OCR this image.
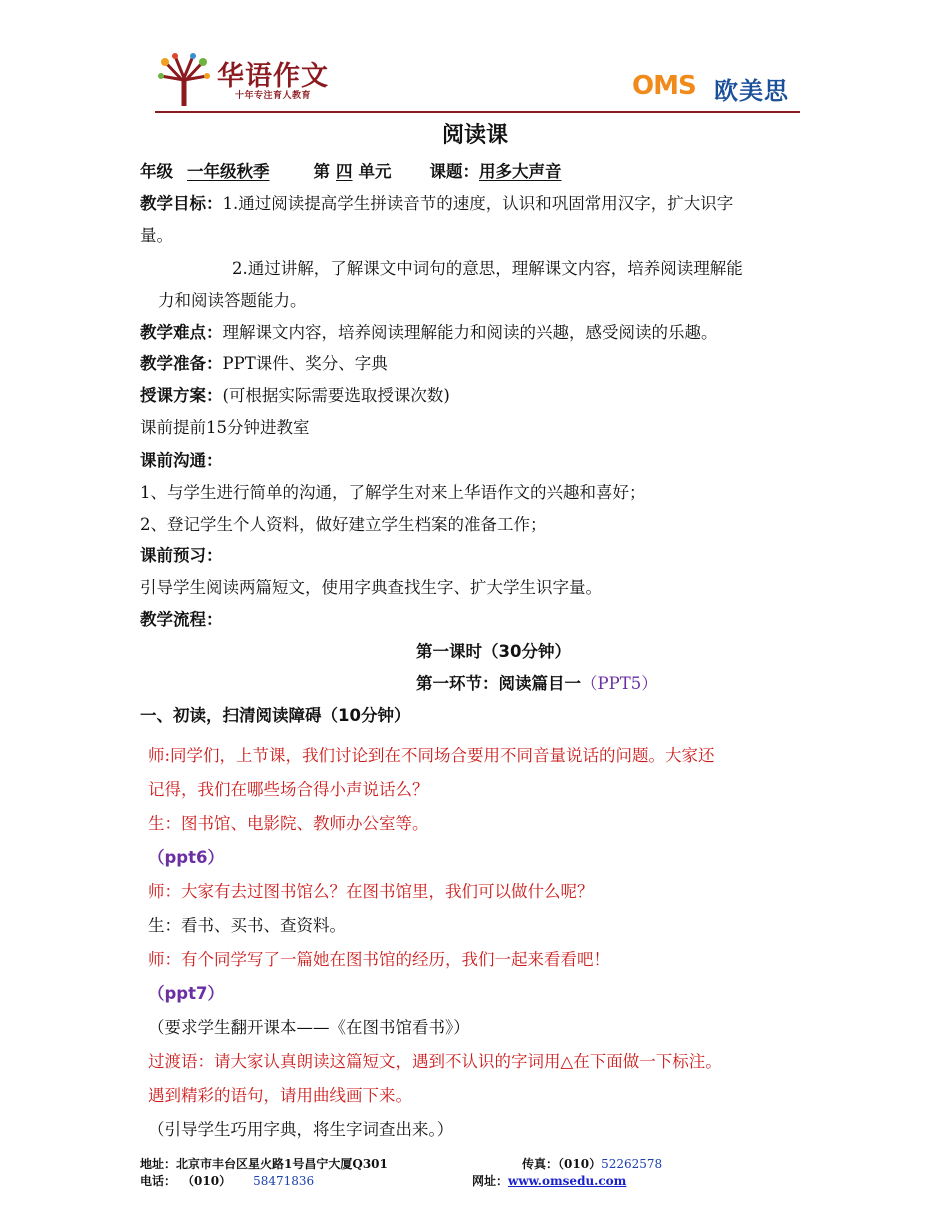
华语作文
十年专注育人教育	OMS 欧美思
阅读课
年级 一年级秋季	第 四 单元 课题：用多大声音
教学目标：1.通过阅读提高学生拼读音节的速度，认识和巩固常用汉字，扩大识字
量。
2.通过讲解，了解课文中词句的意思，理解课文内容，培养阅读理解能
力和阅读答题能力。
教学难点：理解课文内容，培养阅读理解能力和阅读的兴趣，感受阅读的乐趣。
教学准备：PPT课件、奖分、字典
授课方案：(可根据实际需要选取授课次数)
课前提前15分钟进教室
课前沟通：
1、与学生进行简单的沟通，了解学生对来上华语作文的兴趣和喜好；
2、登记学生个人资料，做好建立学生档案的准备工作；
课前预习：
引导学生阅读两篇短文，使用字典查找生字、扩大学生识字量。
教学流程：
第一课时（30分钟）
第一环节：阅读篇目一（PPT5）
一、初读，扫清阅读障碍（10分钟）
师:同学们，上节课，我们讨论到在不同场合要用不同音量说话的问题。大家还
记得，我们在哪些场合得小声说话么？
生：图书馆、电影院、教师办公室等。
（ppt6）
师：大家有去过图书馆么？在图书馆里，我们可以做什么呢？
生：看书、买书、查资料。
师：有个同学写了一篇她在图书馆的经历，我们一起来看看吧！
（ppt7）
（要求学生翻开课本——《在图书馆看书》）
过渡语：请大家认真朗读这篇短文，遇到不认识的字词用△在下面做一下标注。
遇到精彩的语句，请用曲线画下来。
（引导学生巧用字典，将生字词查出来。）
地址：北京市丰台区星火路1号昌宁大厦Q301	传真：（010）52262578
电话： （010） 58471836	网址：www.omsedu.com
